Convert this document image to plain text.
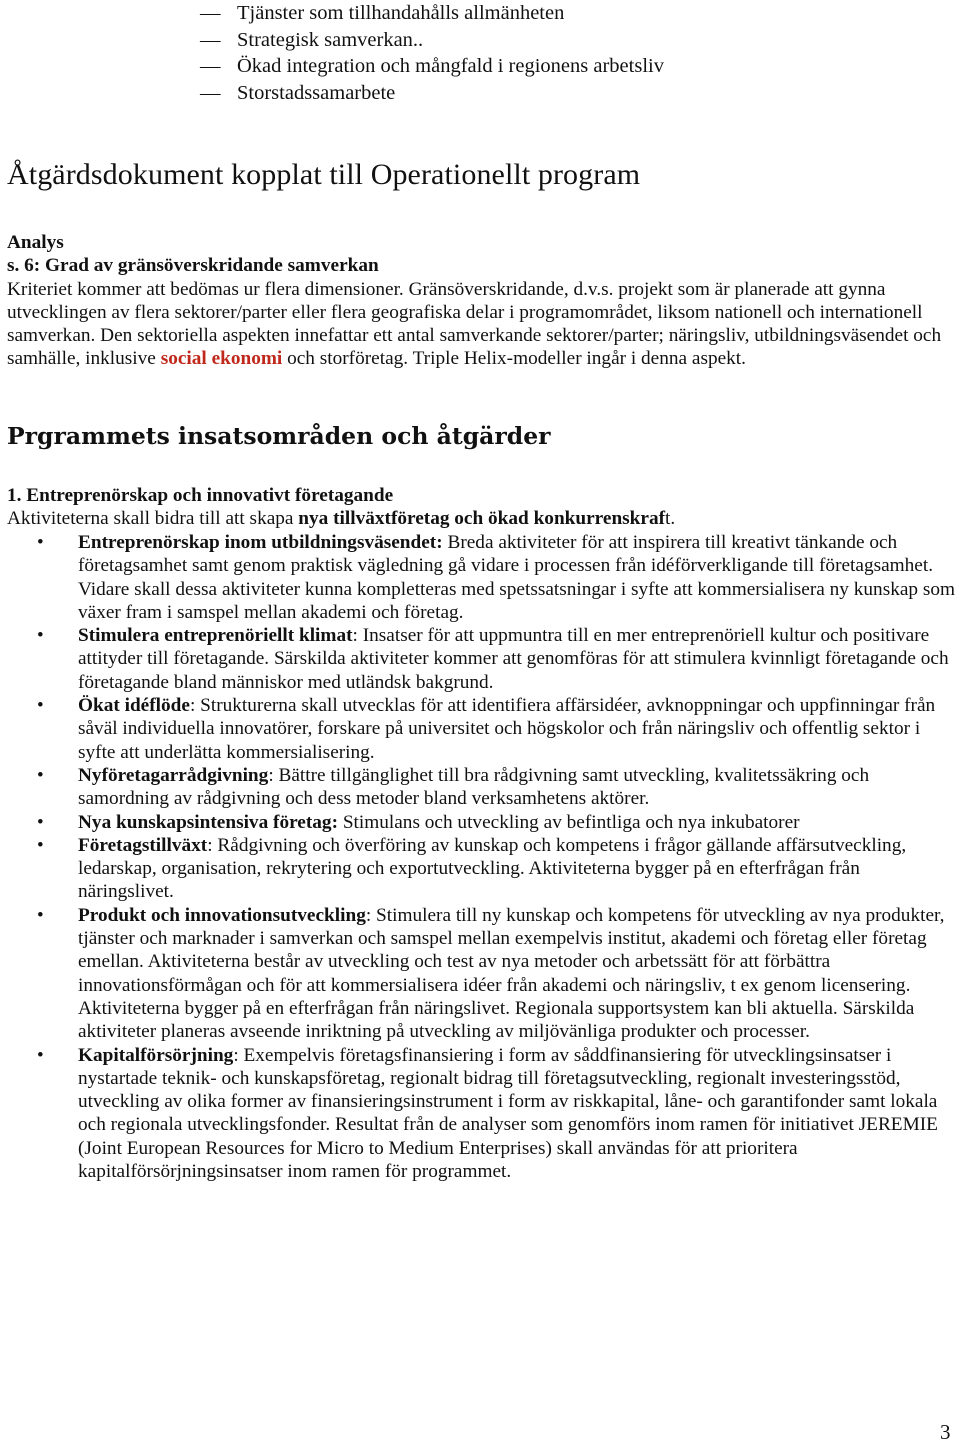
— Tjänster som tillhandahålls allmänheten
— Strategisk samverkan..
— Ökad integration och mångfald i regionens arbetsliv
— Storstadssamarbete
Åtgärdsdokument kopplat till Operationellt program

Analys

s. 6: Grad av gränsöverskridande samverkan

Kriteriet kommer att bedömas ur flera dimensioner. Gränsöverskridande, d.v.s. projekt som är planerade att gynna utvecklingen av flera sektorer/parter eller flera geografiska delar i programområdet, liksom nationell och internationell samverkan. Den sektoriella aspekten innefattar ett antal samverkande sektorer/parter; näringsliv, utbildningsväsendet och samhälle, inklusive social ekonomi och storföretag. Triple Helix-modeller ingår i denna aspekt.

Prgrammets insatsområden och åtgärder

1. Entreprenörskap och innovativt företagande

Aktiviteterna skall bidra till att skapa nya tillväxtföretag och ökad konkurrenskraft.

• Entreprenörskap inom utbildningsväsendet: Breda aktiviteter för att inspirera till kreativt tänkande och företagsamhet samt genom praktisk vägledning gå vidare i processen från idéförverkligande till företagsamhet. Vidare skall dessa aktiviteter kunna kompletteras med spetssatsningar i syfte att kommersialisera ny kunskap som växer fram i samspel mellan akademi och företag.
• Stimulera entreprenöriellt klimat: Insatser för att uppmuntra till en mer entreprenöriell kultur och positivare attityder till företagande. Särskilda aktiviteter kommer att genomföras för att stimulera kvinnligt företagande och företagande bland människor med utländsk bakgrund.
• Ökat idéflöde: Strukturerna skall utvecklas för att identifiera affärsidéer, avknoppningar och uppfinningar från såväl individuella innovatörer, forskare på universitet och högskolor och från näringsliv och offentlig sektor i syfte att underlätta kommersialisering.
• Nyföretagarrådgivning: Bättre tillgänglighet till bra rådgivning samt utveckling, kvalitetssäkring och samordning av rådgivning och dess metoder bland verksamhetens aktörer.
• Nya kunskapsintensiva företag: Stimulans och utveckling av befintliga och nya inkubatorer
• Företagstillväxt: Rådgivning och överföring av kunskap och kompetens i frågor gällande affärsutveckling, ledarskap, organisation, rekrytering och exportutveckling. Aktiviteterna bygger på en efterfrågan från näringslivet.
• Produkt och innovationsutveckling: Stimulera till ny kunskap och kompetens för utveckling av nya produkter, tjänster och marknader i samverkan och samspel mellan exempelvis institut, akademi och företag eller företag emellan. Aktiviteterna består av utveckling och test av nya metoder och arbetssätt för att förbättra innovationsförmågan och för att kommersialisera idéer från akademi och näringsliv, t ex genom licensering. Aktiviteterna bygger på en efterfrågan från näringslivet. Regionala supportsystem kan bli aktuella. Särskilda aktiviteter planeras avseende inriktning på utveckling av miljövänliga produkter och processer.
• Kapitalförsörjning: Exempelvis företagsfinansiering i form av såddfinansiering för utvecklingsinsatser i nystartade teknik- och kunskapsföretag, regionalt bidrag till företagsutveckling, regionalt investeringsstöd, utveckling av olika former av finansieringsinstrument i form av riskkapital, låne- och garantifonder samt lokala och regionala utvecklingsfonder. Resultat från de analyser som genomförs inom ramen för initiativet JEREMIE (Joint European Resources for Micro to Medium Enterprises) skall användas för att prioritera kapitalförsörjningsinsatser inom ramen för programmet.
3
